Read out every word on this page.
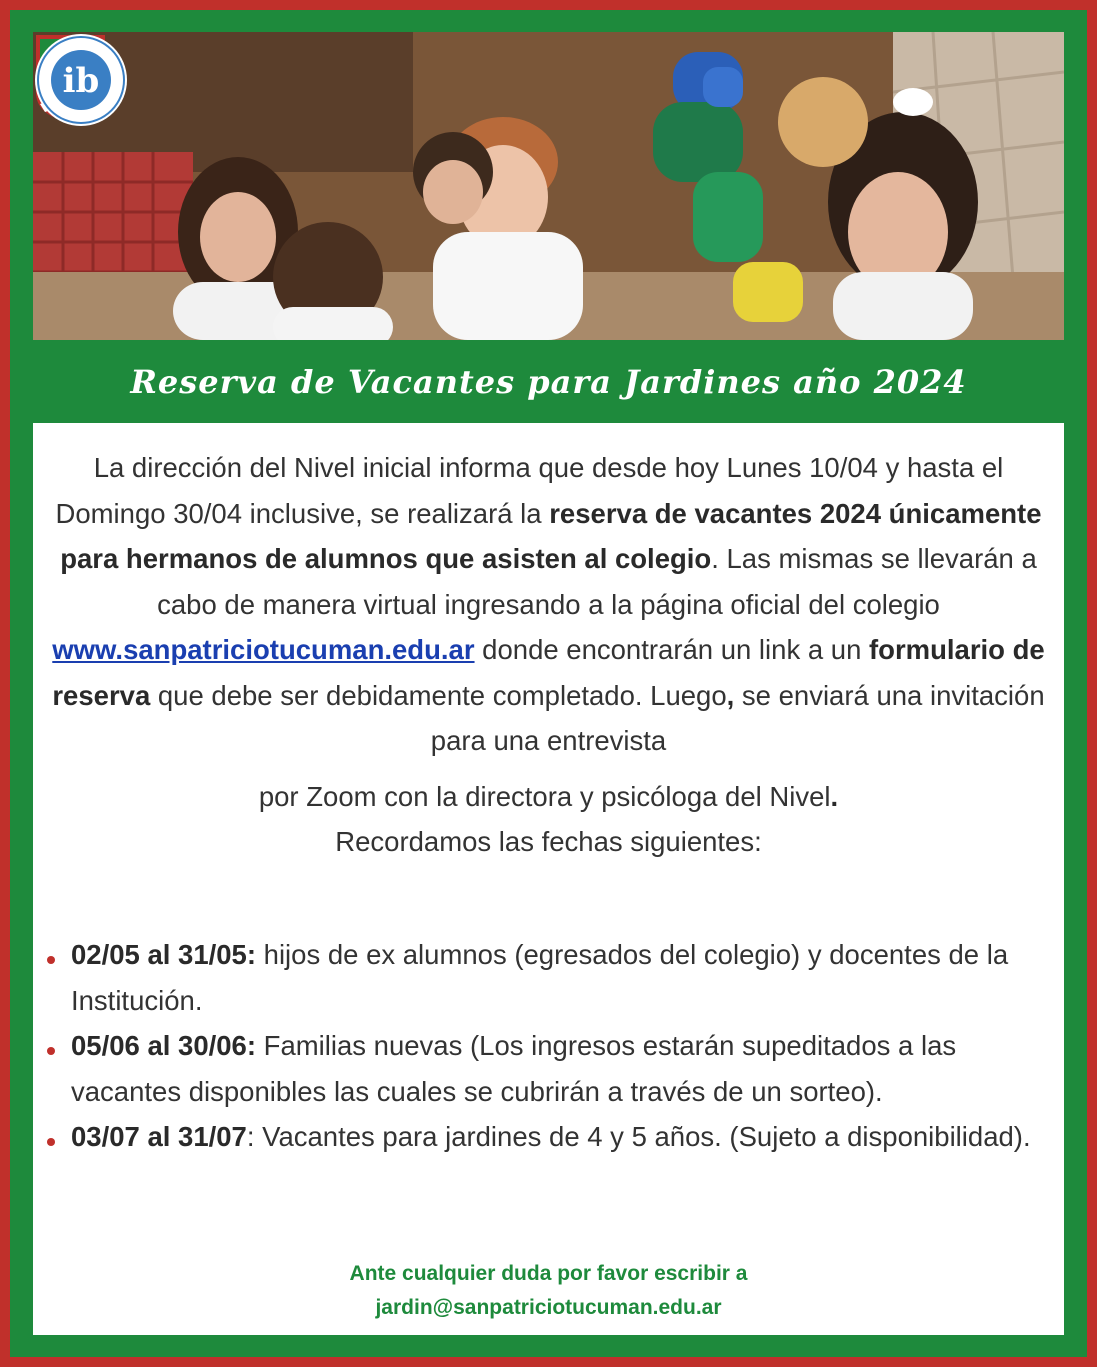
ib
Reserva de Vacantes para Jardines año 2024
La dirección del Nivel inicial informa que desde hoy Lunes 10/04 y hasta el Domingo 30/04 inclusive, se realizará la reserva de vacantes 2024 únicamente para hermanos de alumnos que asisten al colegio. Las mismas se llevarán a cabo de manera virtual ingresando a la página oficial del colegio www.sanpatriciotucuman.edu.ar donde encontrarán un link a un formulario de reserva que debe ser debidamente completado. Luego, se enviará una invitación para una entrevista
por Zoom con la directora y psicóloga del Nivel.
Recordamos las fechas siguientes:
02/05 al 31/05: hijos de ex alumnos (egresados del colegio) y docentes de la Institución.
05/06 al 30/06: Familias nuevas (Los ingresos estarán supeditados a las vacantes disponibles las cuales se cubrirán a través de un sorteo).
03/07 al 31/07: Vacantes para jardines de 4 y 5 años. (Sujeto a disponibilidad).
Ante cualquier duda por favor escribir a
jardin@sanpatriciotucuman.edu.ar
